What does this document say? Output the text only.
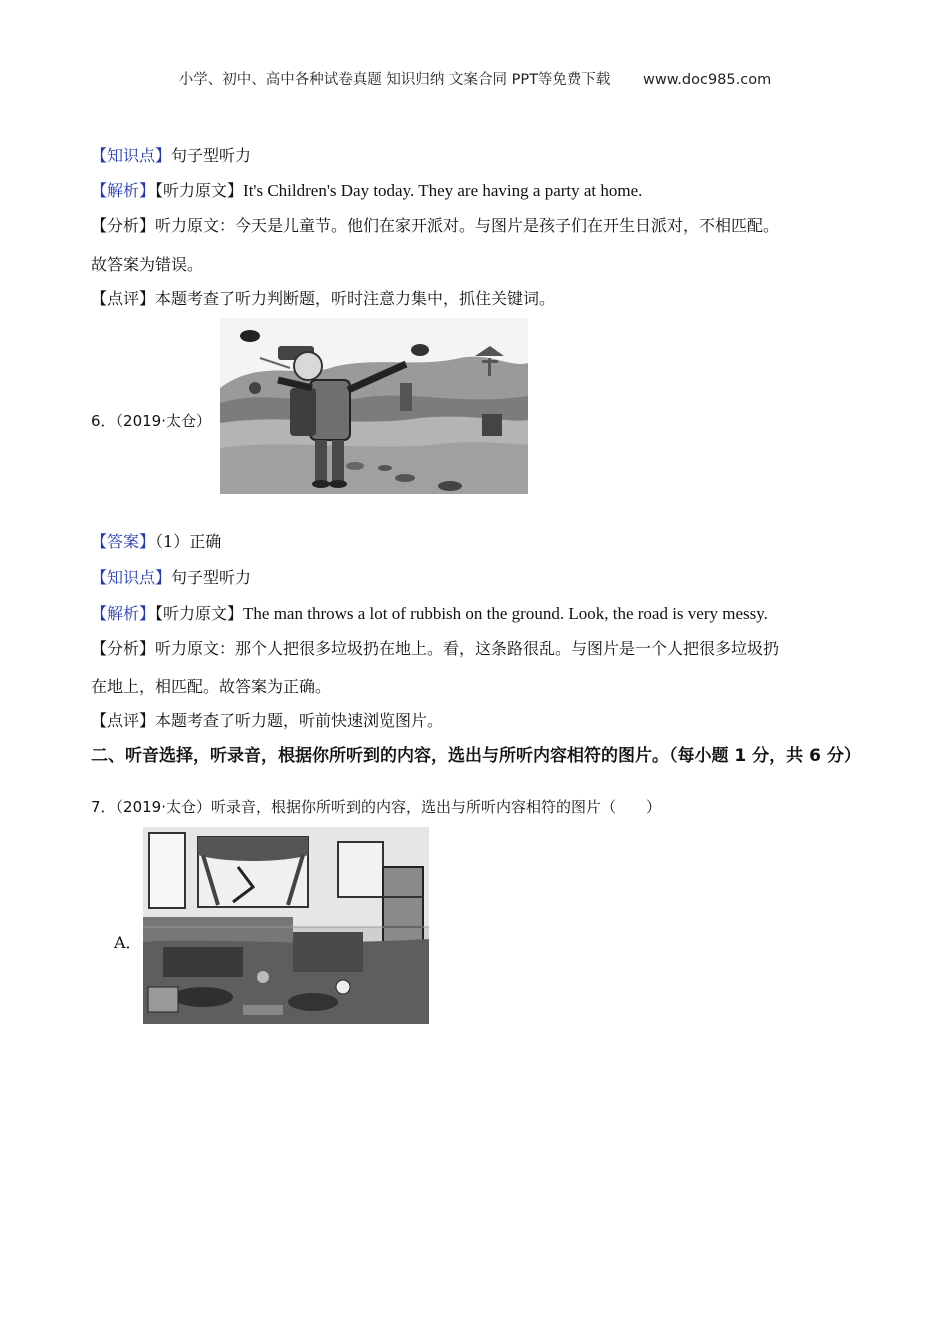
小学、初中、高中各种试卷真题 知识归纳 文案合同 PPT等免费下载 www.doc985.com
【知识点】句子型听力
【解析】【听力原文】It's Children's Day today. They are having a party at home.
【分析】听力原文：今天是儿童节。他们在家开派对。与图片是孩子们在开生日派对，不相匹配。
故答案为错误。
【点评】本题考查了听力判断题，听时注意力集中，抓住关键词。
6．（2019·太仓）
【答案】（1）正确
【知识点】句子型听力
【解析】【听力原文】The man throws a lot of rubbish on the ground. Look, the road is very messy.
【分析】听力原文：那个人把很多垃圾扔在地上。看，这条路很乱。与图片是一个人把很多垃圾扔
在地上，相匹配。故答案为正确。
【点评】本题考查了听力题，听前快速浏览图片。
二、听音选择，听录音，根据你所听到的内容，选出与所听内容相符的图片。（每小题 1 分，共 6 分）
7．（2019·太仓）听录音，根据你所听到的内容，选出与所听内容相符的图片（　　）
A．
